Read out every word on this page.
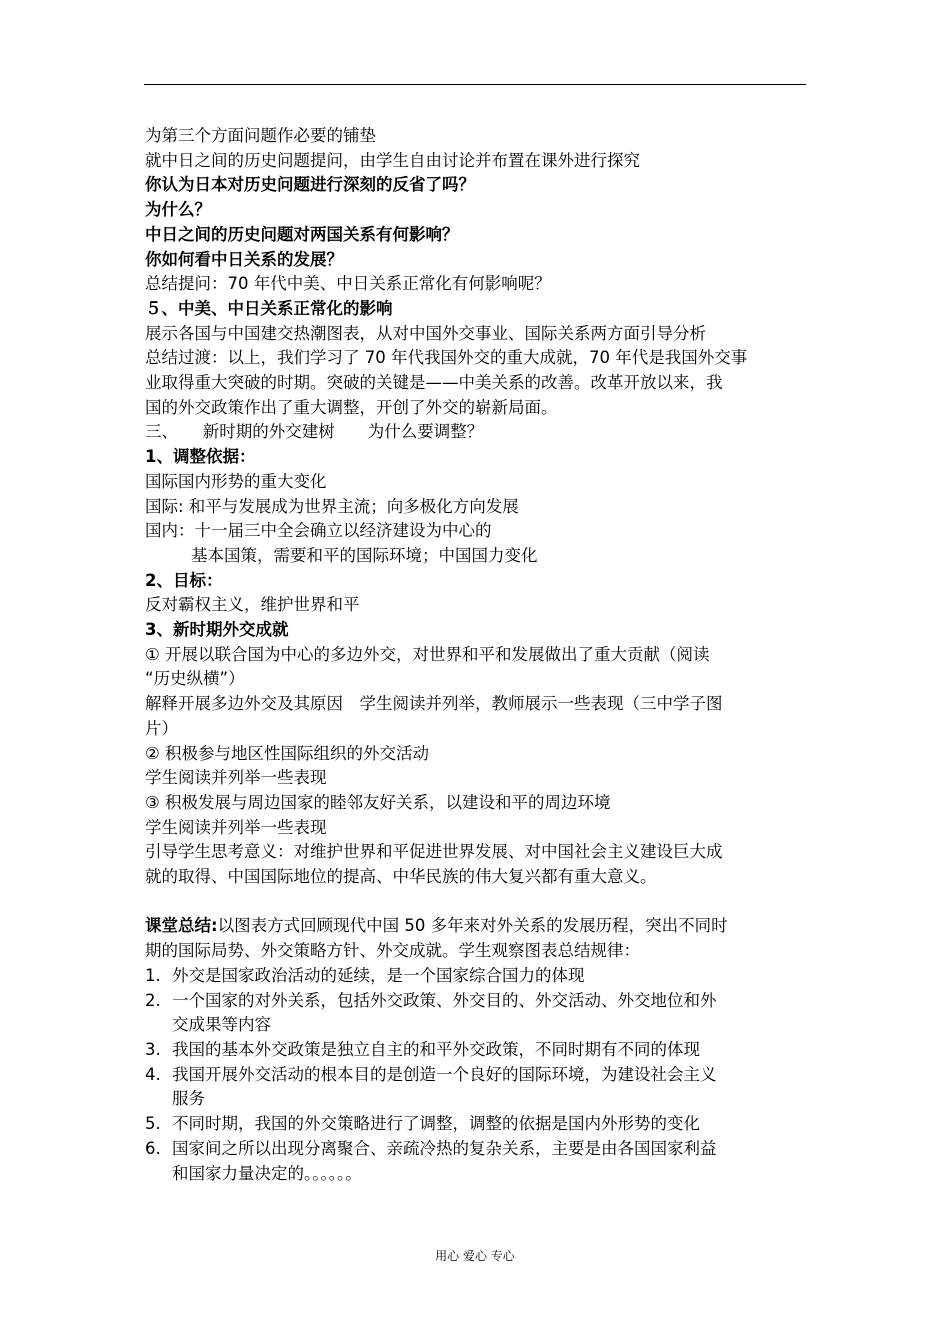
为第三个方面问题作必要的铺垫
就中日之间的历史问题提问，由学生自由讨论并布置在课外进行探究
你认为日本对历史问题进行深刻的反省了吗？
为什么？
中日之间的历史问题对两国关系有何影响？
你如何看中日关系的发展？
总结提问：70 年代中美、中日关系正常化有何影响呢？
５、中美、中日关系正常化的影响
展示各国与中国建交热潮图表，从对中国外交事业、国际关系两方面引导分析
总结过渡：以上，我们学习了 70 年代我国外交的重大成就，70 年代是我国外交事
业取得重大突破的时期。突破的关键是——中美关系的改善。改革开放以来，我
国的外交政策作出了重大调整，开创了外交的崭新局面。
三、　　新时期的外交建树　　为什么要调整？
1、调整依据：
国际国内形势的重大变化
国际: 和平与发展成为世界主流；向多极化方向发展
国内：十一届三中全会确立以经济建设为中心的
基本国策，需要和平的国际环境；中国国力变化
2、目标：
反对霸权主义，维护世界和平
3、新时期外交成就
① 开展以联合国为中心的多边外交，对世界和平和发展做出了重大贡献（阅读
“历史纵横”）
解释开展多边外交及其原因　学生阅读并列举，教师展示一些表现（三中学子图
片）
② 积极参与地区性国际组织的外交活动
学生阅读并列举一些表现
③ 积极发展与周边国家的睦邻友好关系，以建设和平的周边环境
学生阅读并列举一些表现
引导学生思考意义：对维护世界和平促进世界发展、对中国社会主义建设巨大成
就的取得、中国国际地位的提高、中华民族的伟大复兴都有重大意义。
课堂总结:以图表方式回顾现代中国 50 多年来对外关系的发展历程，突出不同时
期的国际局势、外交策略方针、外交成就。学生观察图表总结规律：
1. 外交是国家政治活动的延续，是一个国家综合国力的体现
2. 一个国家的对外关系，包括外交政策、外交目的、外交活动、外交地位和外
交成果等内容
3. 我国的基本外交政策是独立自主的和平外交政策，不同时期有不同的体现
4. 我国开展外交活动的根本目的是创造一个良好的国际环境，为建设社会主义
服务
5. 不同时期，我国的外交策略进行了调整，调整的依据是国内外形势的变化
6. 国家间之所以出现分离聚合、亲疏冷热的复杂关系，主要是由各国国家利益
和国家力量决定的。。。。。。
用心 爱心 专心
